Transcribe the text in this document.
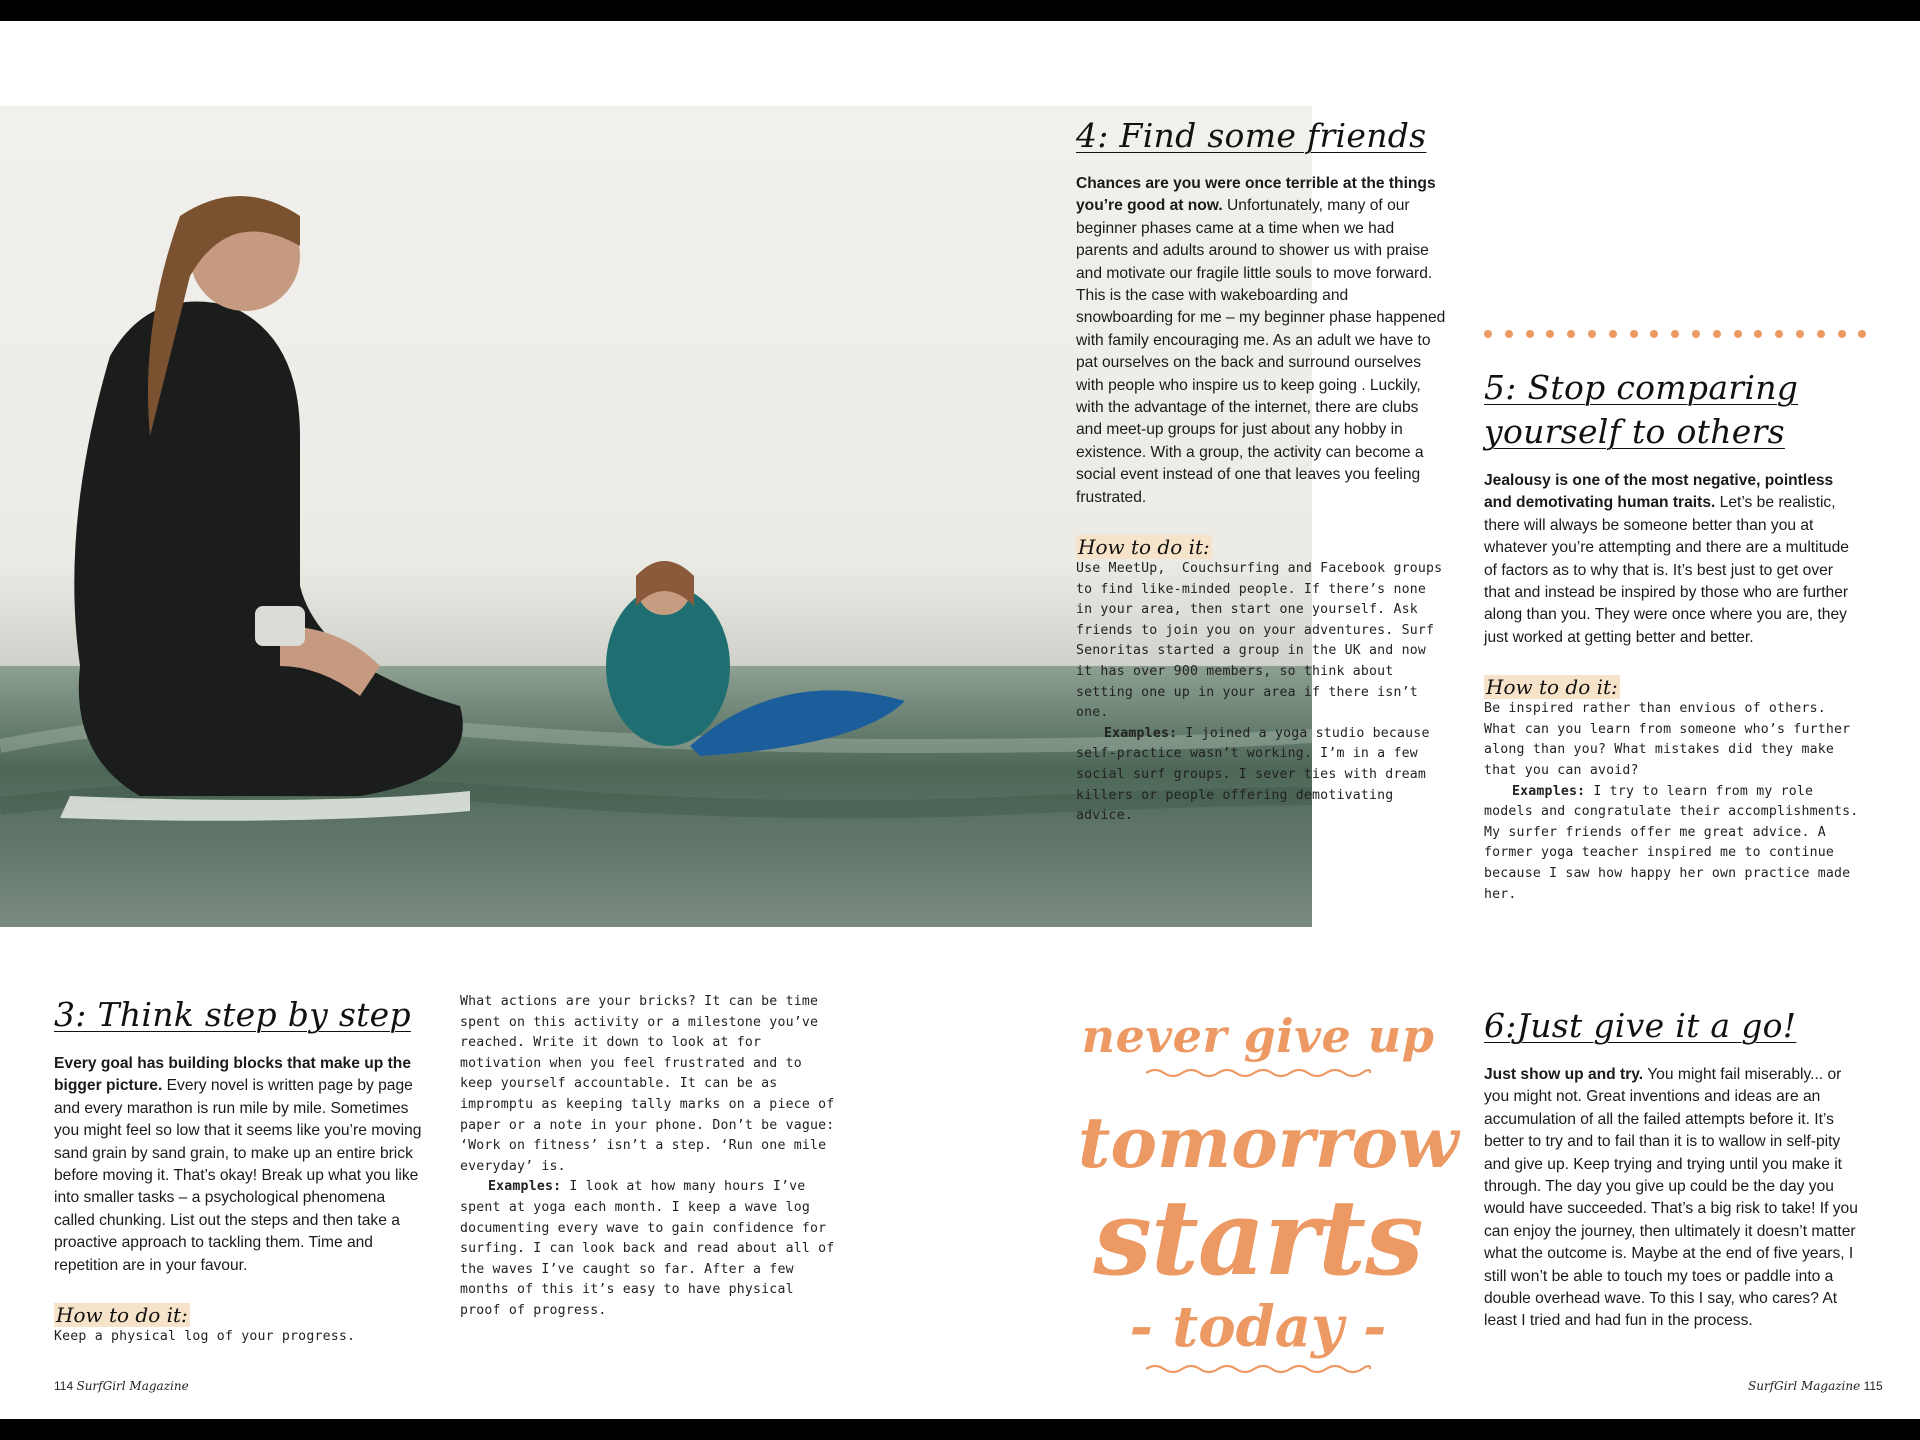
4: Find some friends

Chances are you were once terrible at the things you’re good at now. Unfortunately, many of our beginner phases came at a time when we had parents and adults around to shower us with praise and motivate our fragile little souls to move forward. This is the case with wakeboarding and snowboarding for me – my beginner phase happened with family encouraging me. As an adult we have to pat ourselves on the back and surround ourselves with people who inspire us to keep going . Luckily, with the advantage of the internet, there are clubs and meet-up groups for just about any hobby in existence. With a group, the activity can become a social event instead of one that leaves you feeling frustrated.

How to do it:

Use MeetUp,  Couchsurfing and Facebook groups to find like-minded people. If there’s none in your area, then start one yourself. Ask friends to join you on your adventures. Surf Senoritas started a group in the UK and now it has over 900 members, so think about setting one up in your area if there isn’t one.
Examples: I joined a yoga studio because self-practice wasn’t working. I’m in a few social surf groups. I sever ties with dream killers or people offering demotivating advice.

5: Stop comparing
yourself to others

Jealousy is one of the most negative, pointless and demotivating human traits. Let’s be realistic, there will always be someone better than you at whatever you’re attempting and there are a multitude of factors as to why that is. It’s best just to get over that and instead be inspired by those who are further along than you. They were once where you are, they just worked at getting better and better.

How to do it:

Be inspired rather than envious of others. What can you learn from someone who’s further along than you? What mistakes did they make that you can avoid?
Examples: I try to learn from my role models and congratulate their accomplishments. My surfer friends offer me great advice. A former yoga teacher inspired me to continue because I saw how happy her own practice made her.

3: Think step by step

Every goal has building blocks that make up the bigger picture. Every novel is written page by page and every marathon is run mile by mile. Sometimes you might feel so low that it seems like you’re moving sand grain by sand grain, to make up an entire brick before moving it. That’s okay! Break up what you like into smaller tasks – a psychological phenomena called chunking. List out the steps and then take a proactive approach to tackling them. Time and repetition are in your favour.

How to do it:

Keep a physical log of your progress.

What actions are your bricks? It can be time spent on this activity or a milestone you’ve reached. Write it down to look at for motivation when you feel frustrated and to keep yourself accountable. It can be as impromptu as keeping tally marks on a piece of paper or a note in your phone. Don’t be vague: ‘Work on fitness’ isn’t a step. ‘Run one mile everyday’ is.
Examples: I look at how many hours I’ve spent at yoga each month. I keep a wave log documenting every wave to gain confidence for surfing. I can look back and read about all of the waves I’ve caught so far. After a few months of this it’s easy to have physical proof of progress.

never give up
tomorrow
starts
- today -
6:Just give it a go!

Just show up and try. You might fail miserably... or you might not. Great inventions and ideas are an accumulation of all the failed attempts before it. It’s better to try and to fail than it is to wallow in self-pity and give up. Keep trying and trying until you make it through. The day you give up could be the day you would have succeeded. That’s a big risk to take! If you can enjoy the journey, then ultimately it doesn’t matter what the outcome is. Maybe at the end of five years, I still won’t be able to touch my toes or paddle into a double overhead wave. To this I say, who cares? At least I tried and had fun in the process.

114 SurfGirl Magazine	SurfGirl Magazine 115
